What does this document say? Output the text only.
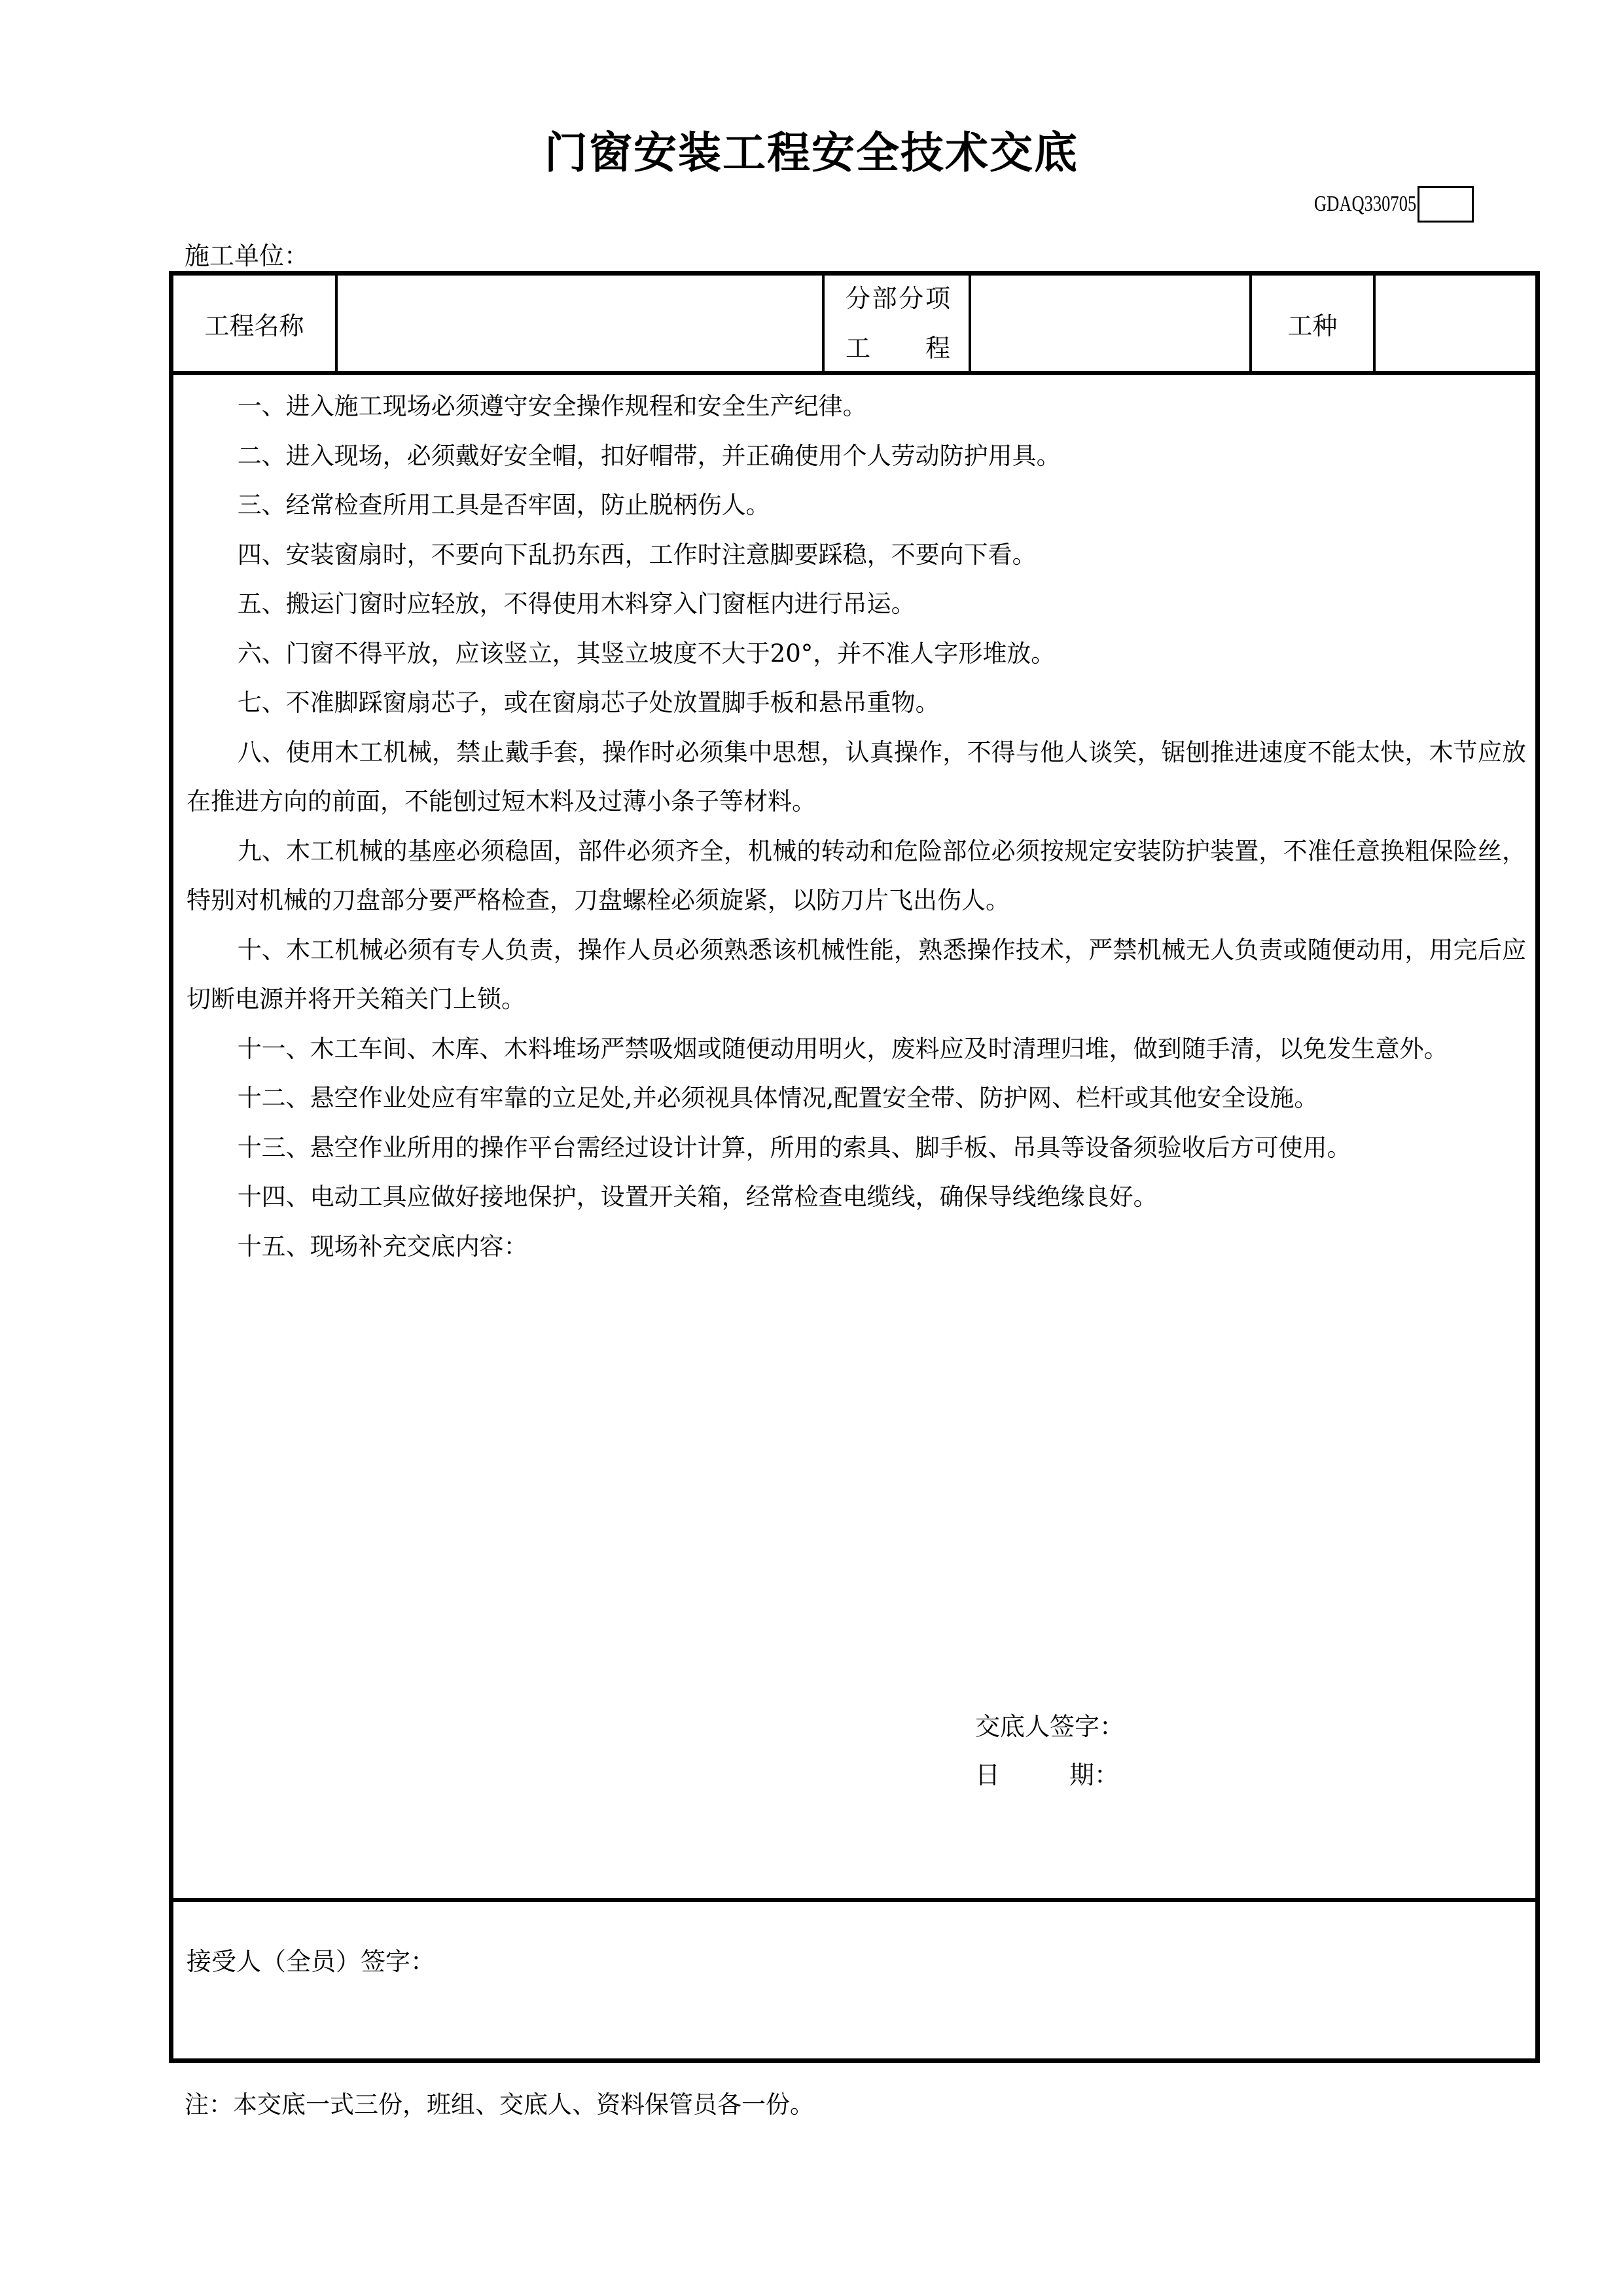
门窗安装工程安全技术交底
GDAQ330705
施工单位：
工程名称
分部分项
工 程
工种

一、进入施工现场必须遵守安全操作规程和安全生产纪律。

二、进入现场，必须戴好安全帽，扣好帽带，并正确使用个人劳动防护用具。

三、经常检查所用工具是否牢固，防止脱柄伤人。

四、安装窗扇时，不要向下乱扔东西，工作时注意脚要踩稳，不要向下看。

五、搬运门窗时应轻放，不得使用木料穿入门窗框内进行吊运。

六、门窗不得平放，应该竖立，其竖立坡度不大于20°，并不准人字形堆放。

七、不准脚踩窗扇芯子，或在窗扇芯子处放置脚手板和悬吊重物。

八、使用木工机械，禁止戴手套，操作时必须集中思想，认真操作，不得与他人谈笑，锯刨推进速度不能太快，木节应放在推进方向的前面，不能刨过短木料及过薄小条子等材料。

九、木工机械的基座必须稳固，部件必须齐全，机械的转动和危险部位必须按规定安装防护装置，不准任意换粗保险丝，特别对机械的刀盘部分要严格检查，刀盘螺栓必须旋紧，以防刀片飞出伤人。

十、木工机械必须有专人负责，操作人员必须熟悉该机械性能，熟悉操作技术，严禁机械无人负责或随便动用，用完后应切断电源并将开关箱关门上锁。

十一、木工车间、木库、木料堆场严禁吸烟或随便动用明火，废料应及时清理归堆，做到随手清，以免发生意外。

十二、悬空作业处应有牢靠的立足处,并必须视具体情况,配置安全带、防护网、栏杆或其他安全设施。

十三、悬空作业所用的操作平台需经过设计计算，所用的索具、脚手板、吊具等设备须验收后方可使用。

十四、电动工具应做好接地保护，设置开关箱，经常检查电缆线，确保导线绝缘良好。

十五、现场补充交底内容：

交底人签字：
日	期：
接受人（全员）签字：
注：本交底一式三份，班组、交底人、资料保管员各一份。
